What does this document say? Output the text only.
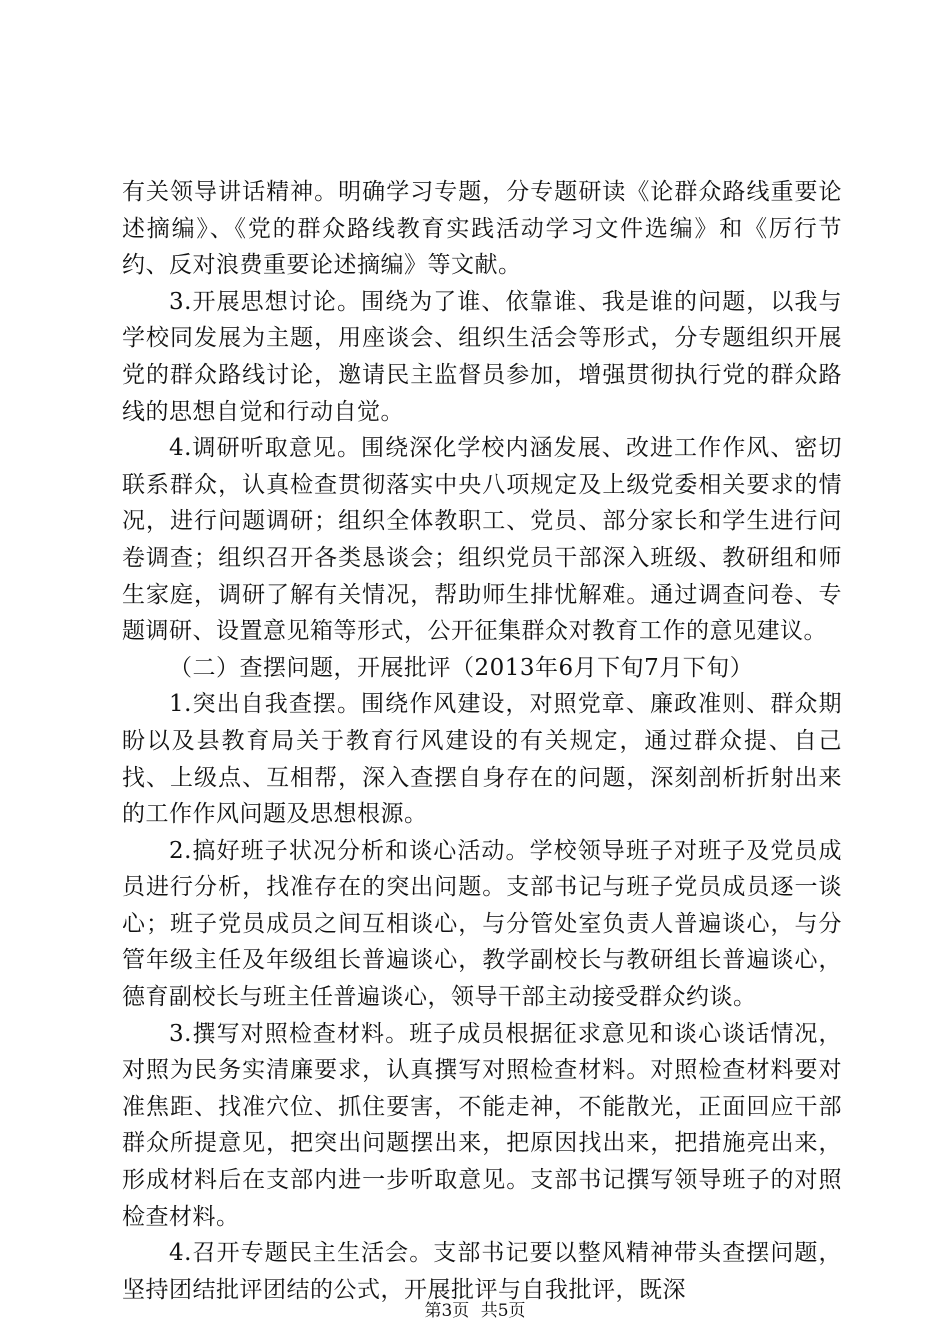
有关领导讲话精神。明确学习专题，分专题研读《论群众路线重要论述摘编》、《党的群众路线教育实践活动学习文件选编》和《厉行节约、反对浪费重要论述摘编》等文献。

3.开展思想讨论。围绕为了谁、依靠谁、我是谁的问题，以我与学校同发展为主题，用座谈会、组织生活会等形式，分专题组织开展党的群众路线讨论，邀请民主监督员参加，增强贯彻执行党的群众路线的思想自觉和行动自觉。

4.调研听取意见。围绕深化学校内涵发展、改进工作作风、密切联系群众，认真检查贯彻落实中央八项规定及上级党委相关要求的情况，进行问题调研；组织全体教职工、党员、部分家长和学生进行问卷调查；组织召开各类恳谈会；组织党员干部深入班级、教研组和师生家庭，调研了解有关情况，帮助师生排忧解难。通过调查问卷、专题调研、设置意见箱等形式，公开征集群众对教育工作的意见建议。

（二）查摆问题，开展批评（2013年6月下旬7月下旬）

1.突出自我查摆。围绕作风建设，对照党章、廉政准则、群众期盼以及县教育局关于教育行风建设的有关规定，通过群众提、自己找、上级点、互相帮，深入查摆自身存在的问题，深刻剖析折射出来的工作作风问题及思想根源。

2.搞好班子状况分析和谈心活动。学校领导班子对班子及党员成员进行分析，找准存在的突出问题。支部书记与班子党员成员逐一谈心；班子党员成员之间互相谈心，与分管处室负责人普遍谈心，与分管年级主任及年级组长普遍谈心，教学副校长与教研组长普遍谈心，德育副校长与班主任普遍谈心，领导干部主动接受群众约谈。

3.撰写对照检查材料。班子成员根据征求意见和谈心谈话情况，对照为民务实清廉要求，认真撰写对照检查材料。对照检查材料要对准焦距、找准穴位、抓住要害，不能走神，不能散光，正面回应干部群众所提意见，把突出问题摆出来，把原因找出来，把措施亮出来，形成材料后在支部内进一步听取意见。支部书记撰写领导班子的对照检查材料。

4.召开专题民主生活会。支部书记要以整风精神带头查摆问题，坚持团结批评团结的公式，开展批评与自我批评，既深

第3页 共5页
